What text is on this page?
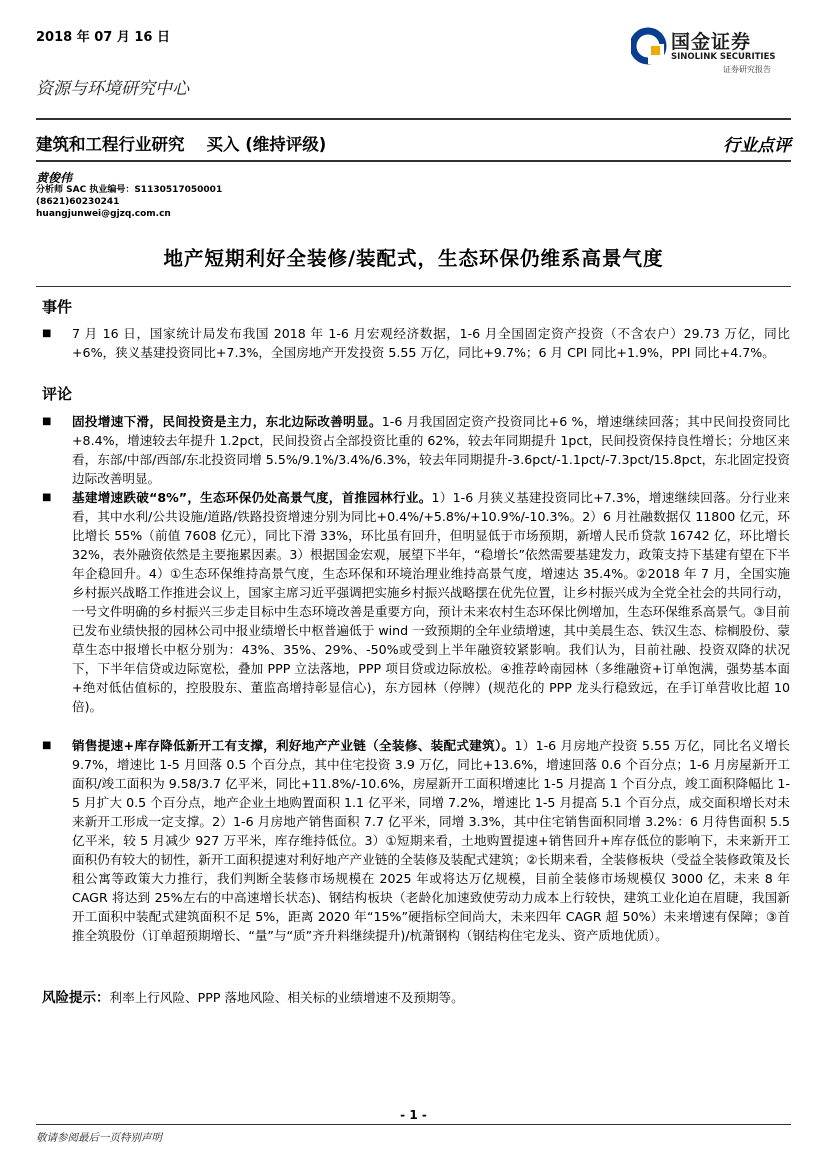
2018 年 07 月 16 日	国金证券
SINOLINK SECURITIES
证券研究报告
资源与环境研究中心
建筑和工程行业研究 买入 (维持评级)	行业点评
黄俊伟
分析师 SAC 执业编号：S1130517050001
(8621)60230241
huangjunwei@gjzq.com.cn
地产短期利好全装修/装配式，生态环保仍维系高景气度
事件
■
7 月 16 日，国家统计局发布我国 2018 年 1-6 月宏观经济数据，1-6 月全国固定资产投资（不含农户）29.73 万亿，同比+6%，狭义基建投资同比+7.3%，全国房地产开发投资 5.55 万亿，同比+9.7%；6 月 CPI 同比+1.9%，PPI 同比+4.7%。
评论
■
固投增速下滑，民间投资是主力，东北边际改善明显。1-6 月我国固定资产投资同比+6 %，增速继续回落；其中民间投资同比+8.4%，增速较去年提升 1.2pct，民间投资占全部投资比重的 62%，较去年同期提升 1pct，民间投资保持良性增长；分地区来看，东部/中部/西部/东北投资同增 5.5%/9.1%/3.4%/6.3%，较去年同期提升-3.6pct/-1.1pct/-7.3pct/15.8pct，东北固定投资边际改善明显。
■
基建增速跌破“8%”，生态环保仍处高景气度，首推园林行业。1）1-6 月狭义基建投资同比+7.3%，增速继续回落。分行业来看，其中水利/公共设施/道路/铁路投资增速分别为同比+0.4%/+5.8%/+10.9%/-10.3%。2）6 月社融数据仅 11800 亿元，环比增长 55%（前值 7608 亿元），同比下滑 33%，环比虽有回升，但明显低于市场预期，新增人民币贷款 16742 亿，环比增长 32%，表外融资依然是主要拖累因素。3）根据国金宏观，展望下半年，“稳增长”依然需要基建发力，政策支持下基建有望在下半年企稳回升。4）①生态环保维持高景气度，生态环保和环境治理业维持高景气度，增速达 35.4%。②2018 年 7 月，全国实施乡村振兴战略工作推进会议上，国家主席习近平强调把实施乡村振兴战略摆在优先位置，让乡村振兴成为全党全社会的共同行动，一号文件明确的乡村振兴三步走目标中生态环境改善是重要方向，预计未来农村生态环保比例增加，生态环保维系高景气。③目前已发布业绩快报的园林公司中报业绩增长中枢普遍低于 wind 一致预期的全年业绩增速，其中美晨生态、铁汉生态、棕榈股份、蒙草生态中报增长中枢分别为：43%、35%、29%、-50%或受到上半年融资较紧影响。我们认为，目前社融、投资双降的状况下，下半年信贷或边际宽松，叠加 PPP 立法落地，PPP 项目贷或边际放松。④推荐岭南园林（多维融资+订单饱满，强势基本面+绝对低估值标的，控股股东、董监高增持彰显信心)，东方园林（停牌）(规范化的 PPP 龙头行稳致远，在手订单营收比超 10 倍)。
■
销售提速+库存降低新开工有支撑，利好地产产业链（全装修、装配式建筑）。1）1-6 月房地产投资 5.55 万亿，同比名义增长 9.7%，增速比 1-5 月回落 0.5 个百分点，其中住宅投资 3.9 万亿，同比+13.6%，增速回落 0.6 个百分点；1-6 月房屋新开工面积/竣工面积为 9.58/3.7 亿平米，同比+11.8%/-10.6%，房屋新开工面积增速比 1-5 月提高 1 个百分点，竣工面积降幅比 1-5 月扩大 0.5 个百分点，地产企业土地购置面积 1.1 亿平米，同增 7.2%，增速比 1-5 月提高 5.1 个百分点，成交面积增长对未来新开工形成一定支撑。2）1-6 月房地产销售面积 7.7 亿平米，同增 3.3%，其中住宅销售面积同增 3.2%：6 月待售面积 5.5 亿平米，较 5 月减少 927 万平米，库存维持低位。3）①短期来看，土地购置提速+销售回升+库存低位的影响下，未来新开工面积仍有较大的韧性，新开工面积提速对利好地产产业链的全装修及装配式建筑；②长期来看，全装修板块（受益全装修政策及长租公寓等政策大力推行，我们判断全装修市场规模在 2025 年或将达万亿规模，目前全装修市场规模仅 3000 亿，未来 8 年 CAGR 将达到 25%左右的中高速增长状态)、钢结构板块（老龄化加速致使劳动力成本上行较快，建筑工业化迫在眉睫，我国新开工面积中装配式建筑面积不足 5%，距离 2020 年“15%”硬指标空间尚大，未来四年 CAGR 超 50%）未来增速有保障；③首推全筑股份（订单超预期增长、“量”与“质”齐升料继续提升)/杭萧钢构（钢结构住宅龙头、资产质地优质）。
风险提示：利率上行风险、PPP 落地风险、相关标的业绩增速不及预期等。
- 1 -
敬请参阅最后一页特别声明
